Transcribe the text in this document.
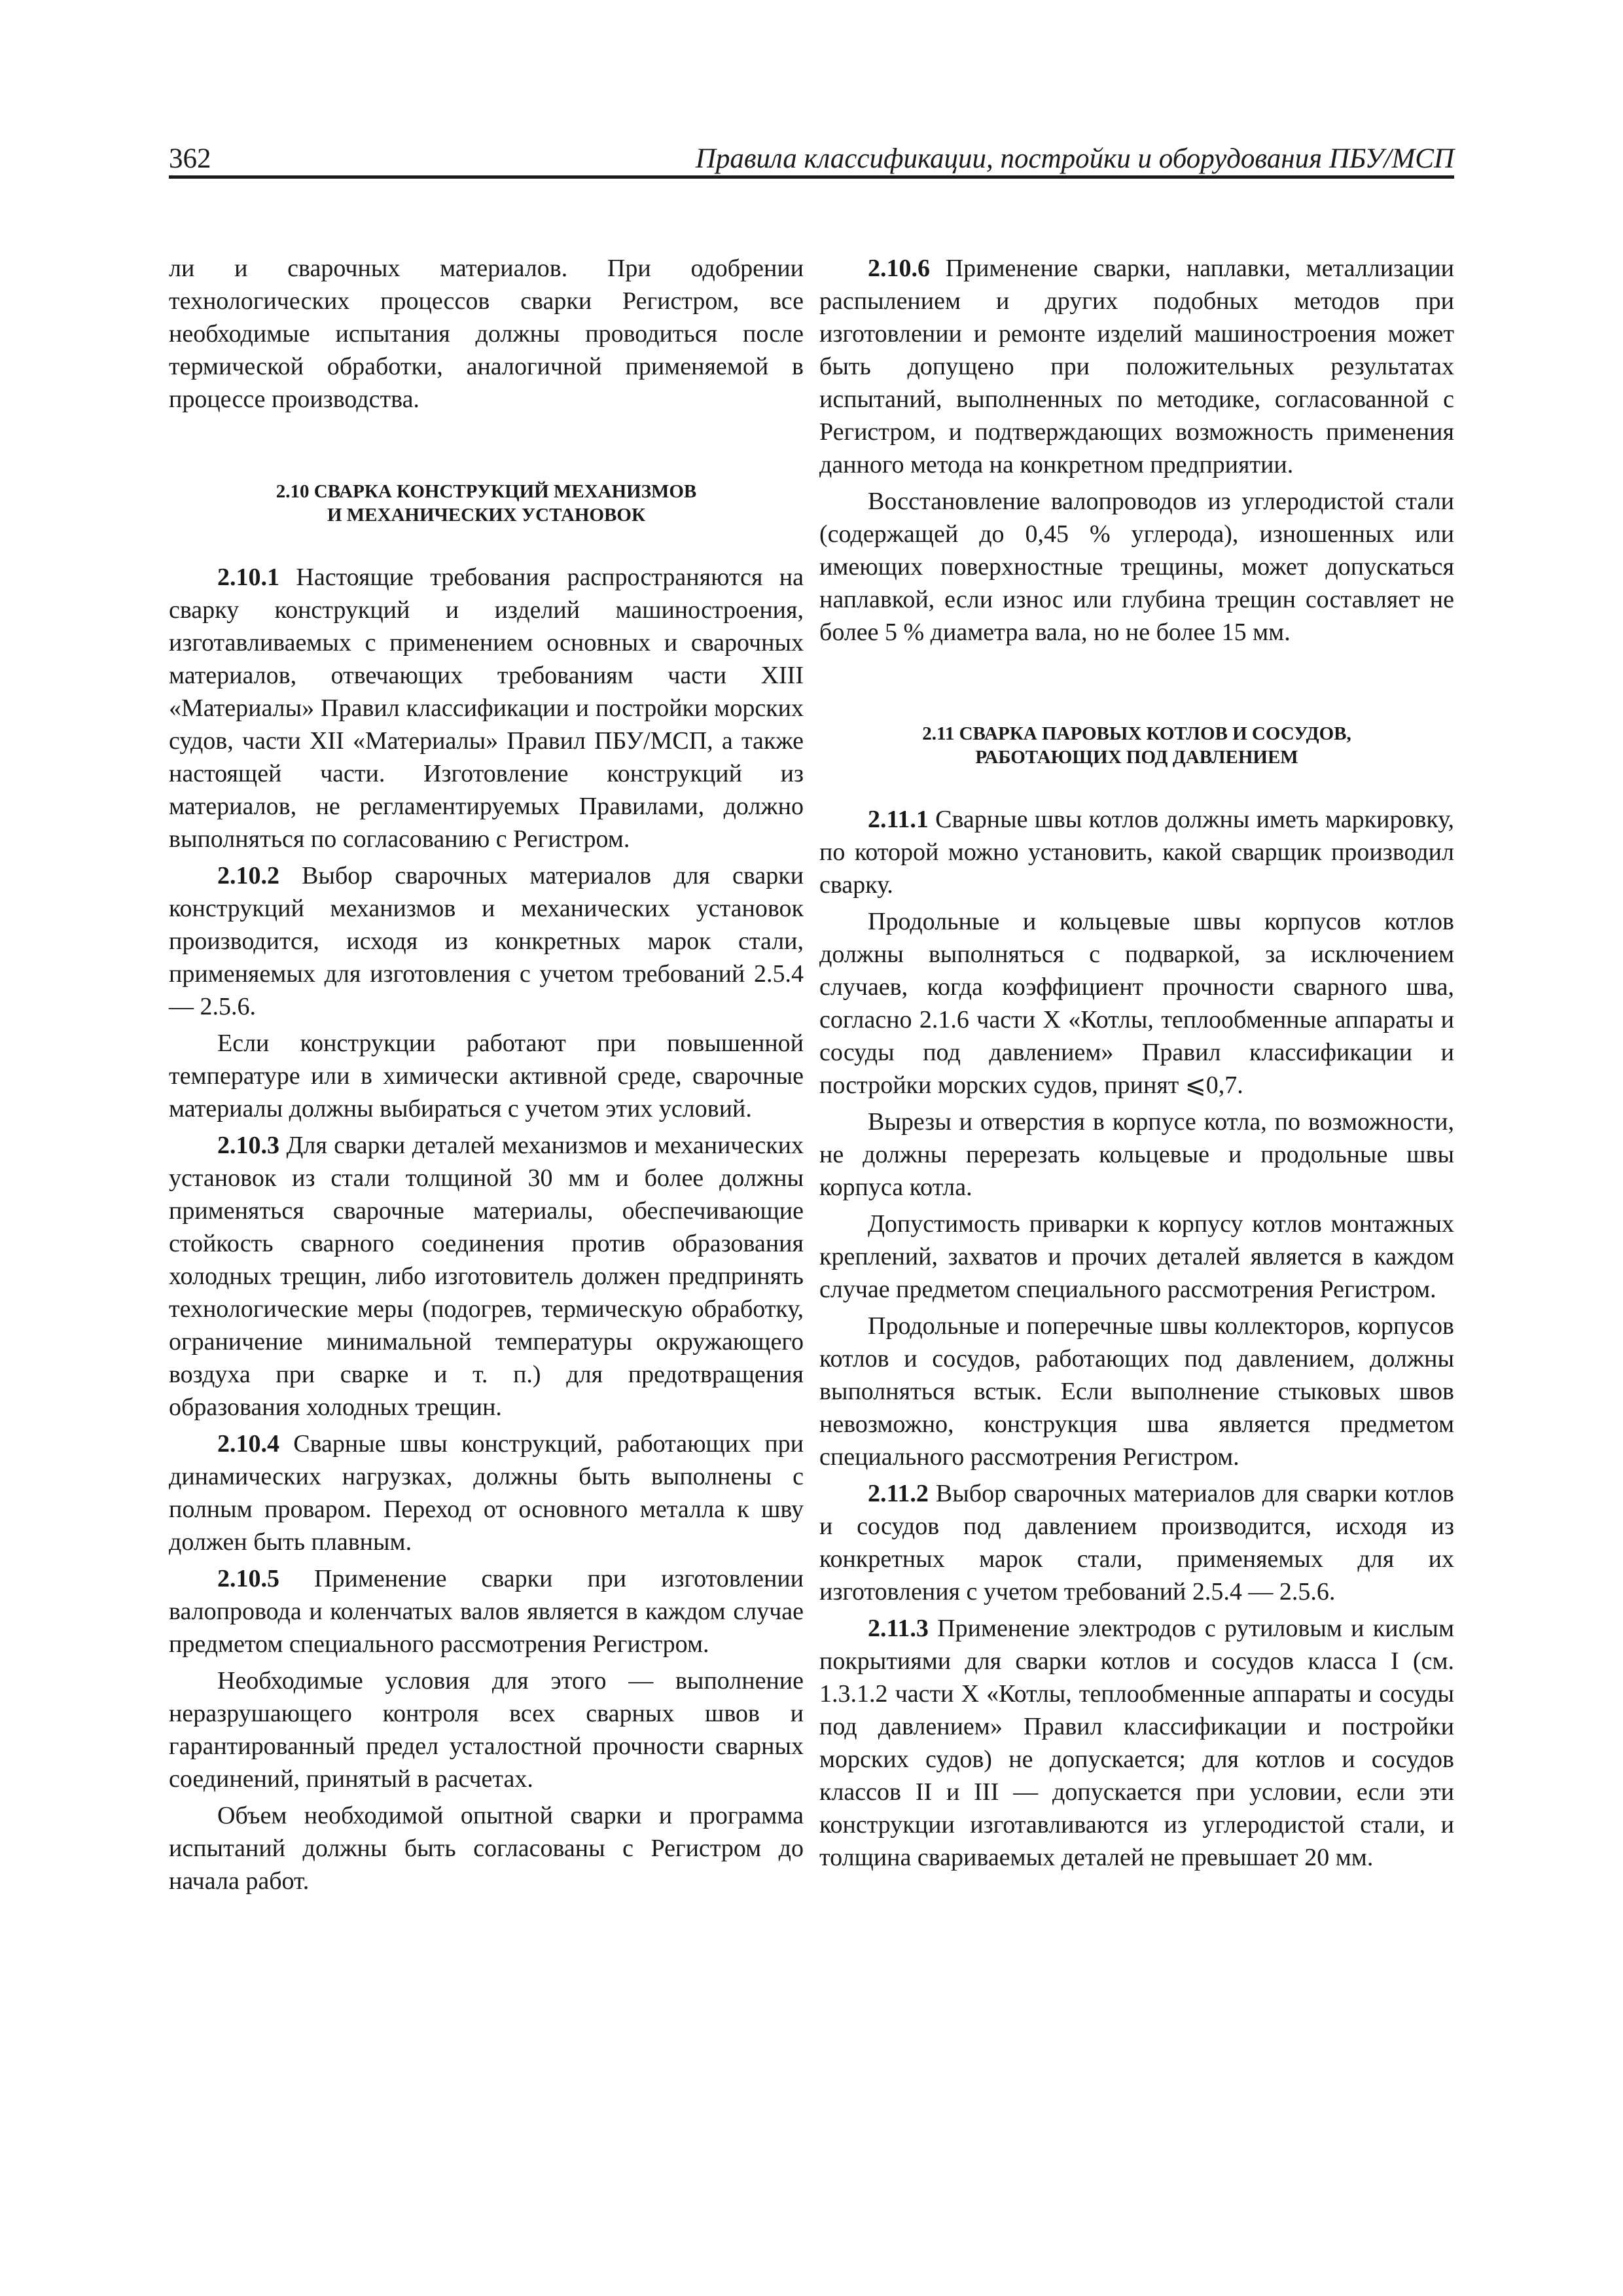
362	Правила классификации, постройки и оборудования ПБУ/МСП

ли и сварочных материалов. При одобрении технологических процессов сварки Регистром, все необходимые испытания должны проводиться после термической обработки, аналогичной применяемой в процессе производства.

2.10 СВАРКА КОНСТРУКЦИЙ МЕХАНИЗМОВ
И МЕХАНИЧЕСКИХ УСТАНОВОК

2.10.1 Настоящие требования распространяются на сварку конструкций и изделий машиностроения, изготавливаемых с применением основных и сварочных материалов, отвечающих требованиям части XIII «Материалы» Правил классификации и постройки морских судов, части XII «Материалы» Правил ПБУ/МСП, а также настоящей части. Изготовление конструкций из материалов, не регламентируемых Правилами, должно выполняться по согласованию с Регистром.

2.10.2 Выбор сварочных материалов для сварки конструкций механизмов и механических установок производится, исходя из конкретных марок стали, применяемых для изготовления с учетом требований 2.5.4 — 2.5.6.

Если конструкции работают при повышенной температуре или в химически активной среде, сварочные материалы должны выбираться с учетом этих условий.

2.10.3 Для сварки деталей механизмов и механических установок из стали толщиной 30 мм и более должны применяться сварочные материалы, обеспечивающие стойкость сварного соединения против образования холодных трещин, либо изготовитель должен предпринять технологические меры (подогрев, термическую обработку, ограничение минимальной температуры окружающего воздуха при сварке и т. п.) для предотвращения образования холодных трещин.

2.10.4 Сварные швы конструкций, работающих при динамических нагрузках, должны быть выполнены с полным проваром. Переход от основного металла к шву должен быть плавным.

2.10.5 Применение сварки при изготовлении валопровода и коленчатых валов является в каждом случае предметом специального рассмотрения Регистром.

Необходимые условия для этого — выполнение неразрушающего контроля всех сварных швов и гарантированный предел усталостной прочности сварных соединений, принятый в расчетах.

Объем необходимой опытной сварки и программа испытаний должны быть согласованы с Регистром до начала работ.

2.10.6 Применение сварки, наплавки, металлизации распылением и других подобных методов при изготовлении и ремонте изделий машиностроения может быть допущено при положительных результатах испытаний, выполненных по методике, согласованной с Регистром, и подтверждающих возможность применения данного метода на конкретном предприятии.

Восстановление валопроводов из углеродистой стали (содержащей до 0,45 % углерода), изношенных или имеющих поверхностные трещины, может допускаться наплавкой, если износ или глубина трещин составляет не более 5 % диаметра вала, но не более 15 мм.

2.11 СВАРКА ПАРОВЫХ КОТЛОВ И СОСУДОВ,
РАБОТАЮЩИХ ПОД ДАВЛЕНИЕМ

2.11.1 Сварные швы котлов должны иметь маркировку, по которой можно установить, какой сварщик производил сварку.

Продольные и кольцевые швы корпусов котлов должны выполняться с подваркой, за исключением случаев, когда коэффициент прочности сварного шва, согласно 2.1.6 части X «Котлы, теплообменные аппараты и сосуды под давлением» Правил классификации и постройки морских судов, принят ⩽0,7.

Вырезы и отверстия в корпусе котла, по возможности, не должны перерезать кольцевые и продольные швы корпуса котла.

Допустимость приварки к корпусу котлов монтажных креплений, захватов и прочих деталей является в каждом случае предметом специального рассмотрения Регистром.

Продольные и поперечные швы коллекторов, корпусов котлов и сосудов, работающих под давлением, должны выполняться встык. Если выполнение стыковых швов невозможно, конструкция шва является предметом специального рассмотрения Регистром.

2.11.2 Выбор сварочных материалов для сварки котлов и сосудов под давлением производится, исходя из конкретных марок стали, применяемых для их изготовления с учетом требований 2.5.4 — 2.5.6.

2.11.3 Применение электродов с рутиловым и кислым покрытиями для сварки котлов и сосудов класса I (см. 1.3.1.2 части X «Котлы, теплообменные аппараты и сосуды под давлением» Правил классификации и постройки морских судов) не допускается; для котлов и сосудов классов II и III — допускается при условии, если эти конструкции изготавливаются из углеродистой стали, и толщина свариваемых деталей не превышает 20 мм.
